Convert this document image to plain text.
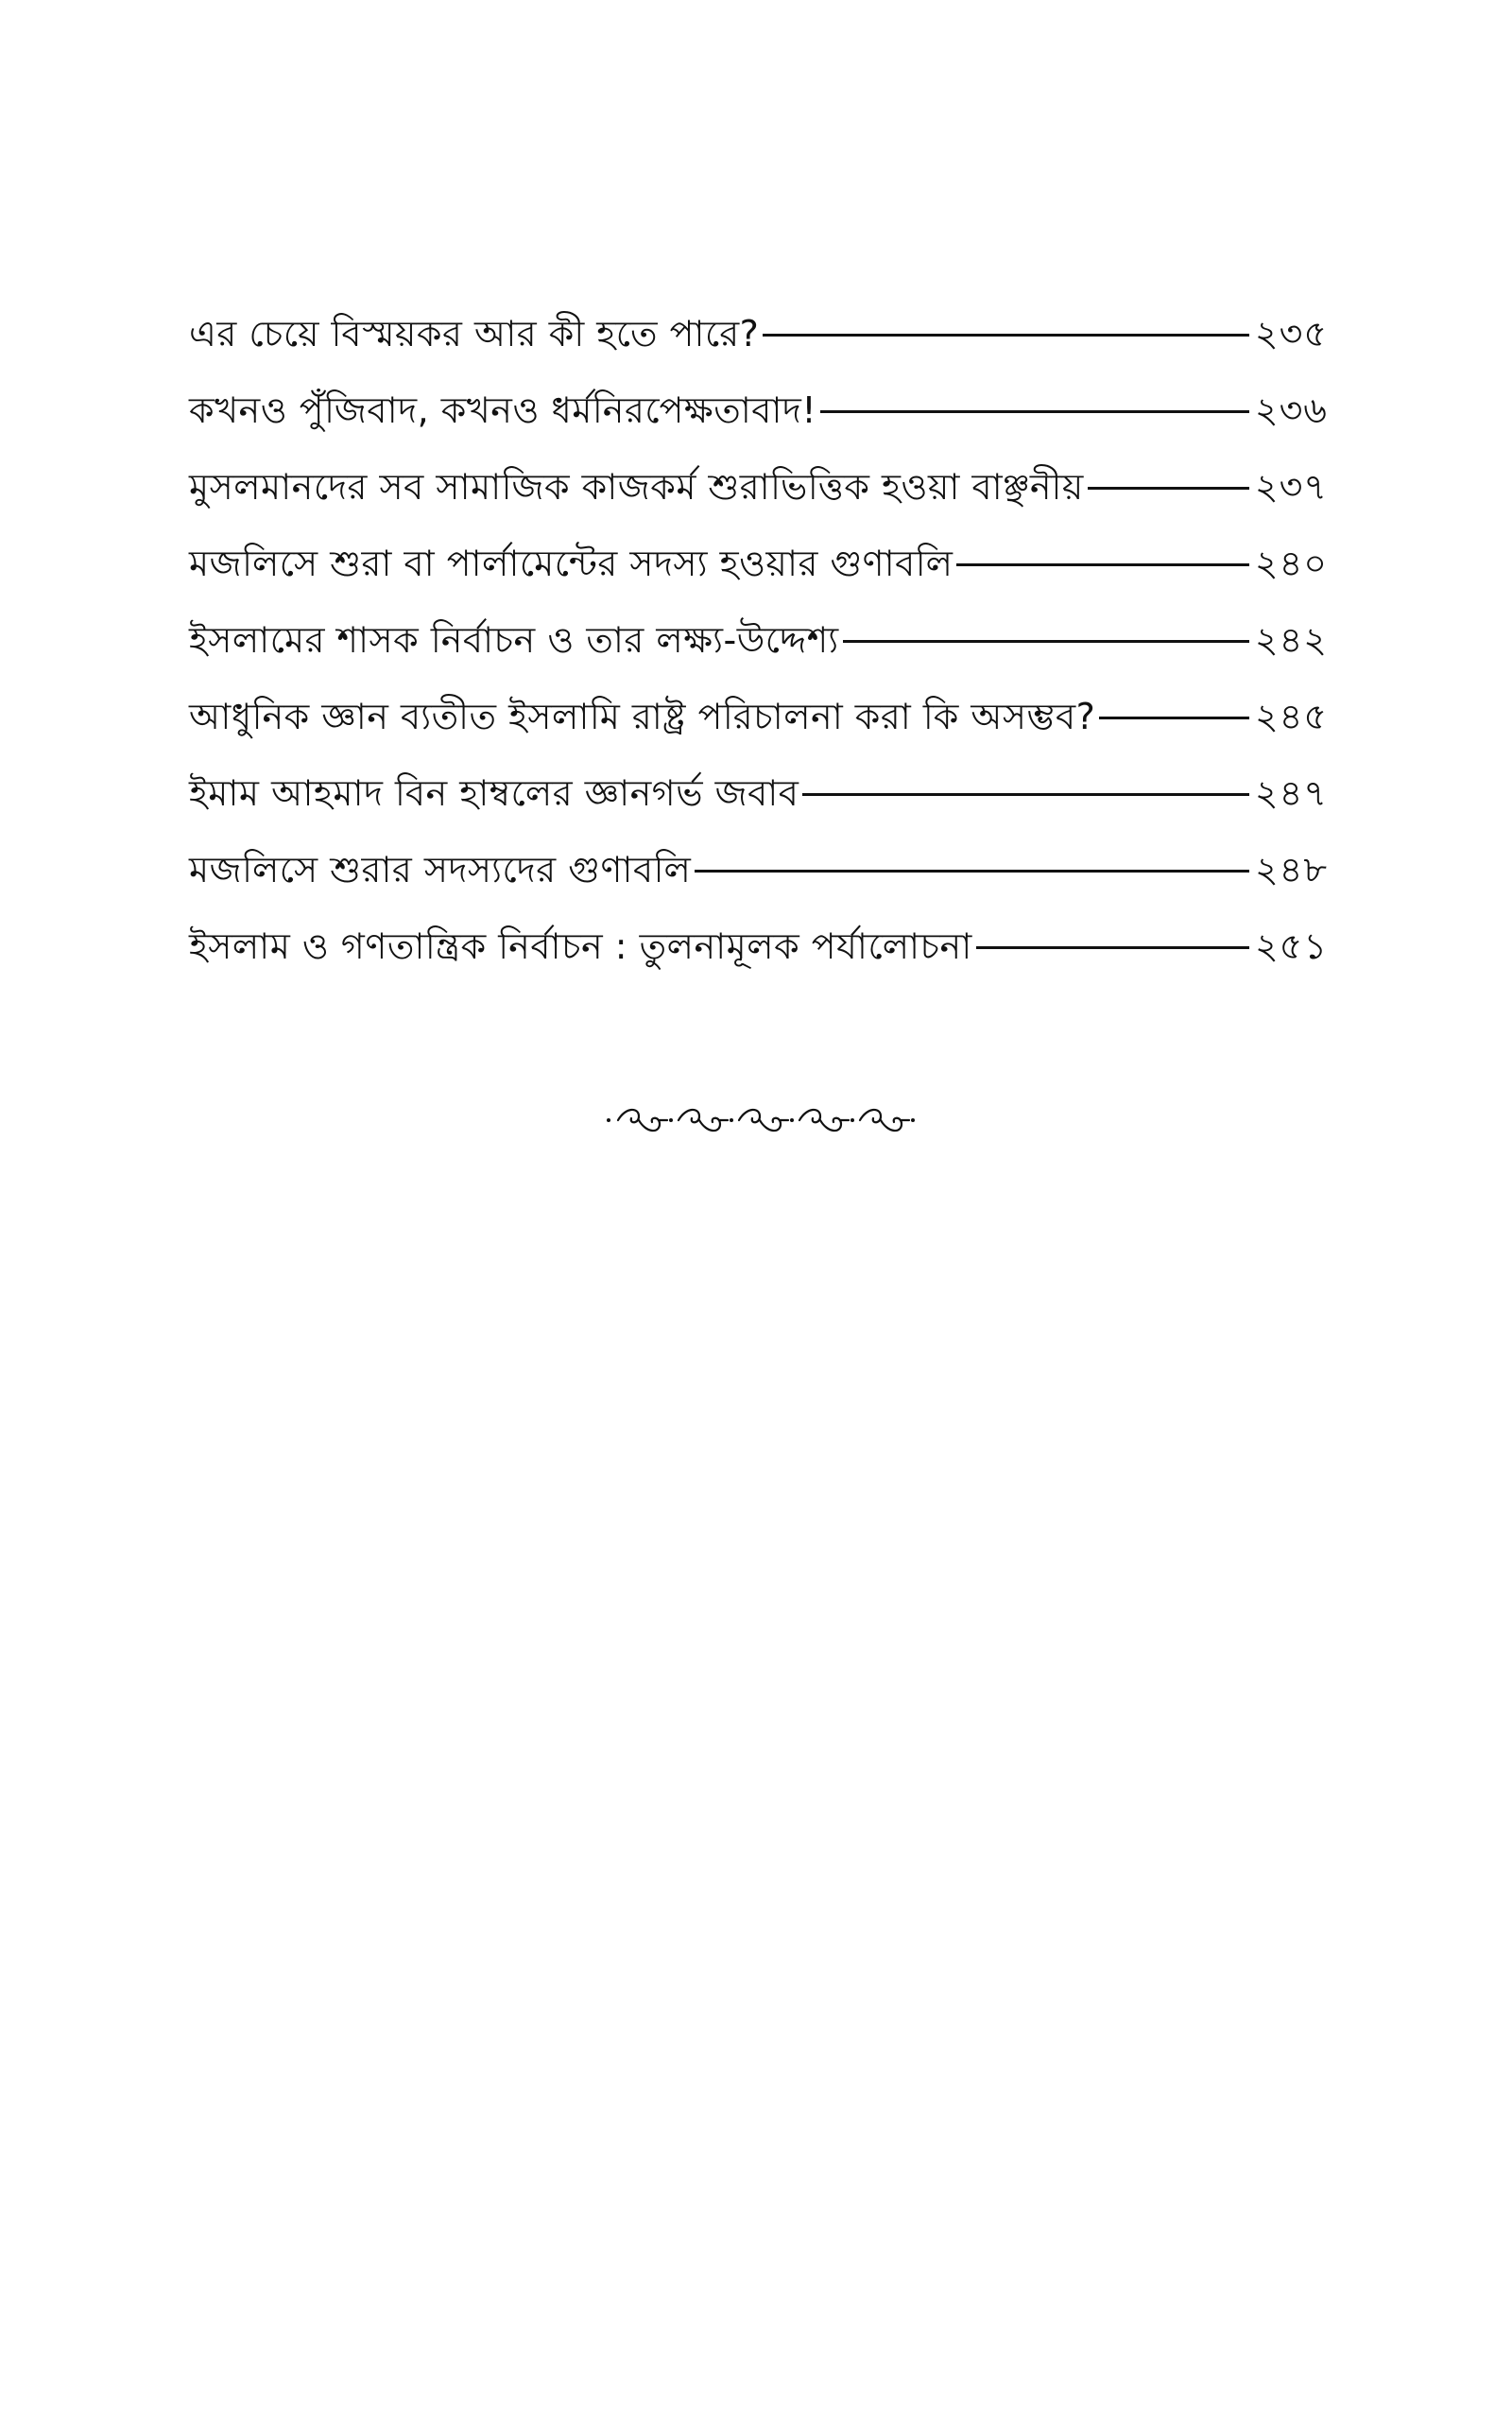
এর চেয়ে বিস্ময়কর আর কী হতে পারে?	২৩৫
কখনও পুঁজিবাদ, কখনও ধর্মনিরপেক্ষতাবাদ!	২৩৬
মুসলমানদের সব সামাজিক কাজকর্ম শুরাভিত্তিক হওয়া বাঞ্ছনীয়	২৩৭
মজলিসে শুরা বা পার্লামেন্টের সদস্য হওয়ার গুণাবলি	২৪০
ইসলামের শাসক নির্বাচন ও তার লক্ষ্য-উদ্দেশ্য	২৪২
আধুনিক জ্ঞান ব্যতীত ইসলামি রাষ্ট্র পরিচালনা করা কি অসম্ভব?	২৪৫
ইমাম আহমাদ বিন হাম্বলের জ্ঞানগর্ভ জবাব	২৪৭
মজলিসে শুরার সদস্যদের গুণাবলি	২৪৮
ইসলাম ও গণতান্ত্রিক নির্বাচন : তুলনামূলক পর্যালোচনা	২৫১
